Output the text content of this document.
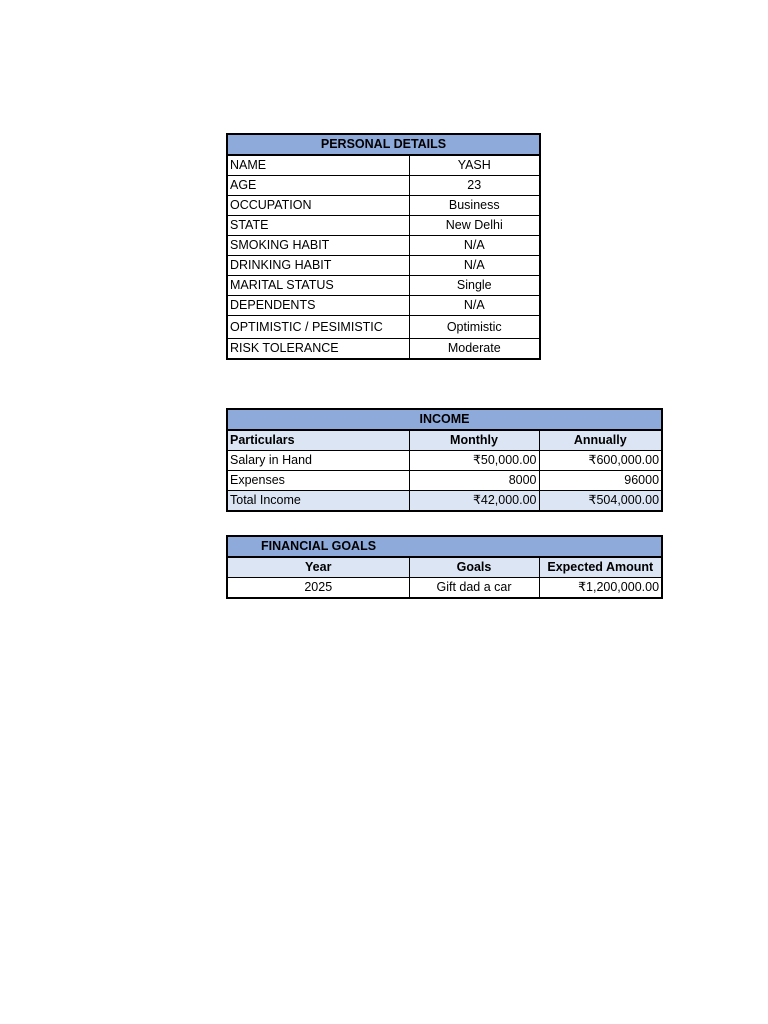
PERSONAL DETAILS	
NAME	YASH
AGE	23
OCCUPATION	Business
STATE	New Delhi
SMOKING HABIT	N/A
DRINKING HABIT	N/A
MARITAL STATUS	Single
DEPENDENTS	N/A
OPTIMISTIC / PESIMISTIC	Optimistic
RISK TOLERANCE	Moderate
INCOME		
Particulars	Monthly	Annually
Salary in Hand	₹50,000.00	₹600,000.00
Expenses	8000	96000
Total Income	₹42,000.00	₹504,000.00
FINANCIAL GOALS		
Year	Goals	Expected Amount
2025	Gift dad a car	₹1,200,000.00
